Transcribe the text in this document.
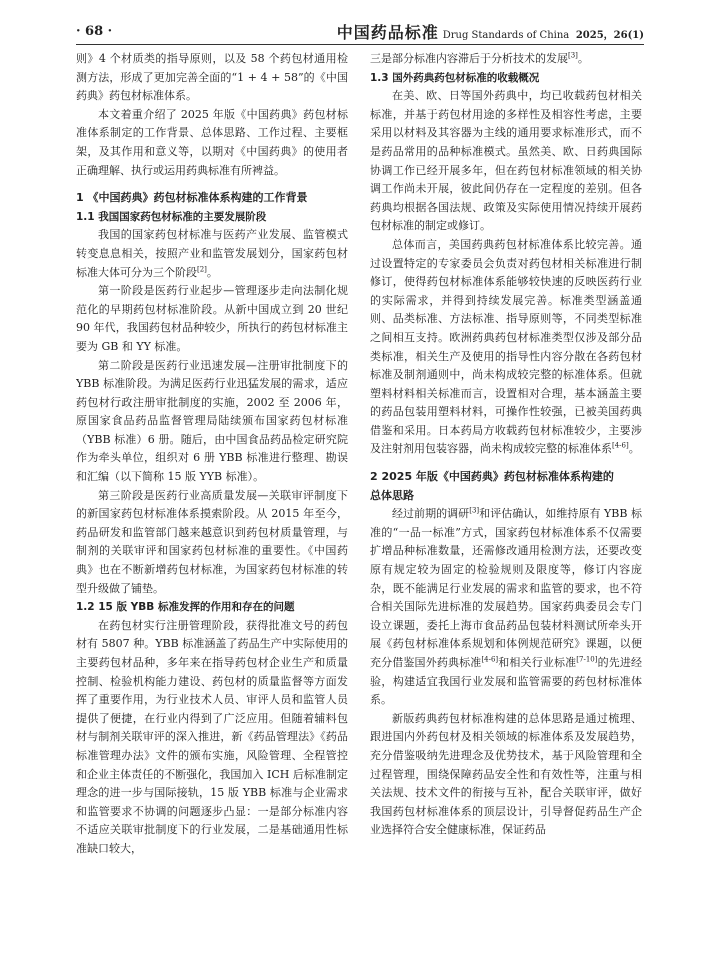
· 68 ·	中国药品标准 Drug Standards of China 2025，26(1)

则》4 个材质类的指导原则，以及 58 个药包材通用检测方法，形成了更加完善全面的“1 + 4 + 58”的《中国药典》药包材标准体系。

本文着重介绍了 2025 年版《中国药典》药包材标准体系制定的工作背景、总体思路、工作过程、主要框架，及其作用和意义等，以期对《中国药典》的使用者正确理解、执行或运用药典标准有所裨益。

1 《中国药典》药包材标准体系构建的工作背景

1.1 我国国家药包材标准的主要发展阶段

我国的国家药包材标准与医药产业发展、监管模式转变息息相关，按照产业和监管发展划分，国家药包材标准大体可分为三个阶段[2]。

第一阶段是医药行业起步—管理逐步走向法制化规范化的早期药包材标准阶段。从新中国成立到 20 世纪 90 年代，我国药包材品种较少，所执行的药包材标准主要为 GB 和 YY 标准。

第二阶段是医药行业迅速发展—注册审批制度下的 YBB 标准阶段。为满足医药行业迅猛发展的需求，适应药包材行政注册审批制度的实施，2002 至 2006 年，原国家食品药品监督管理局陆续颁布国家药包材标准（YBB 标准）6 册。随后，由中国食品药品检定研究院作为牵头单位，组织对 6 册 YBB 标准进行整理、勘误和汇编（以下简称 15 版 YYB 标准）。

第三阶段是医药行业高质量发展—关联审评制度下的新国家药包材标准体系摸索阶段。从 2015 年至今，药品研发和监管部门越来越意识到药包材质量管理，与制剂的关联审评和国家药包材标准的重要性。《中国药典》也在不断新增药包材标准，为国家药包材标准的转型升级做了铺垫。

1.2 15 版 YBB 标准发挥的作用和存在的问题

在药包材实行注册管理阶段，获得批准文号的药包材有 5807 种。YBB 标准涵盖了药品生产中实际使用的主要药包材品种，多年来在指导药包材企业生产和质量控制、检验机构能力建设、药包材的质量监督等方面发挥了重要作用，为行业技术人员、审评人员和监管人员提供了便捷，在行业内得到了广泛应用。但随着辅料包材与制剂关联审评的深入推进，新《药品管理法》《药品标准管理办法》文件的颁布实施，风险管理、全程管控和企业主体责任的不断强化，我国加入 ICH 后标准制定理念的进一步与国际接轨，15 版 YBB 标准与企业需求和监管要求不协调的问题逐步凸显：一是部分标准内容不适应关联审批制度下的行业发展，二是基础通用性标准缺口较大，

三是部分标准内容滞后于分析技术的发展[3]。

1.3 国外药典药包材标准的收载概况

在美、欧、日等国外药典中，均已收载药包材相关标准，并基于药包材用途的多样性及相容性考虑，主要采用以材料及其容器为主线的通用要求标准形式，而不是药品常用的品种标准模式。虽然美、欧、日药典国际协调工作已经开展多年，但在药包材标准领域的相关协调工作尚未开展，彼此间仍存在一定程度的差别。但各药典均根据各国法规、政策及实际使用情况持续开展药包材标准的制定或修订。

总体而言，美国药典药包材标准体系比较完善。通过设置特定的专家委员会负责对药包材相关标准进行制修订，使得药包材标准体系能够较快速的反映医药行业的实际需求，并得到持续发展完善。标准类型涵盖通则、品类标准、方法标准、指导原则等，不同类型标准之间相互支持。欧洲药典药包材标准类型仅涉及部分品类标准，相关生产及使用的指导性内容分散在各药包材标准及制剂通则中，尚未构成较完整的标准体系。但就塑料材料相关标准而言，设置相对合理，基本涵盖主要的药品包装用塑料材料，可操作性较强，已被美国药典借鉴和采用。日本药局方收载药包材标准较少，主要涉及注射剂用包装容器，尚未构成较完整的标准体系[4-6]。

2 2025 年版《中国药典》药包材标准体系构建的
总体思路

经过前期的调研[3]和评估确认，如维持原有 YBB 标准的“一品一标准”方式，国家药包材标准体系不仅需要扩增品种标准数量，还需修改通用检测方法，还要改变原有规定较为固定的检验规则及限度等，修订内容庞杂，既不能满足行业发展的需求和监管的要求，也不符合相关国际先进标准的发展趋势。国家药典委员会专门设立课题，委托上海市食品药品包装材料测试所牵头开展《药包材标准体系规划和体例规范研究》课题，以便充分借鉴国外药典标准[4-6]和相关行业标准[7-10]的先进经验，构建适宜我国行业发展和监管需要的药包材标准体系。

新版药典药包材标准构建的总体思路是通过梳理、跟进国内外药包材及相关领域的标准体系及发展趋势，充分借鉴吸纳先进理念及优势技术，基于风险管理和全过程管理，围绕保障药品安全性和有效性等，注重与相关法规、技术文件的衔接与互补，配合关联审评，做好我国药包材标准体系的顶层设计，引导督促药品生产企业选择符合安全健康标准，保证药品
